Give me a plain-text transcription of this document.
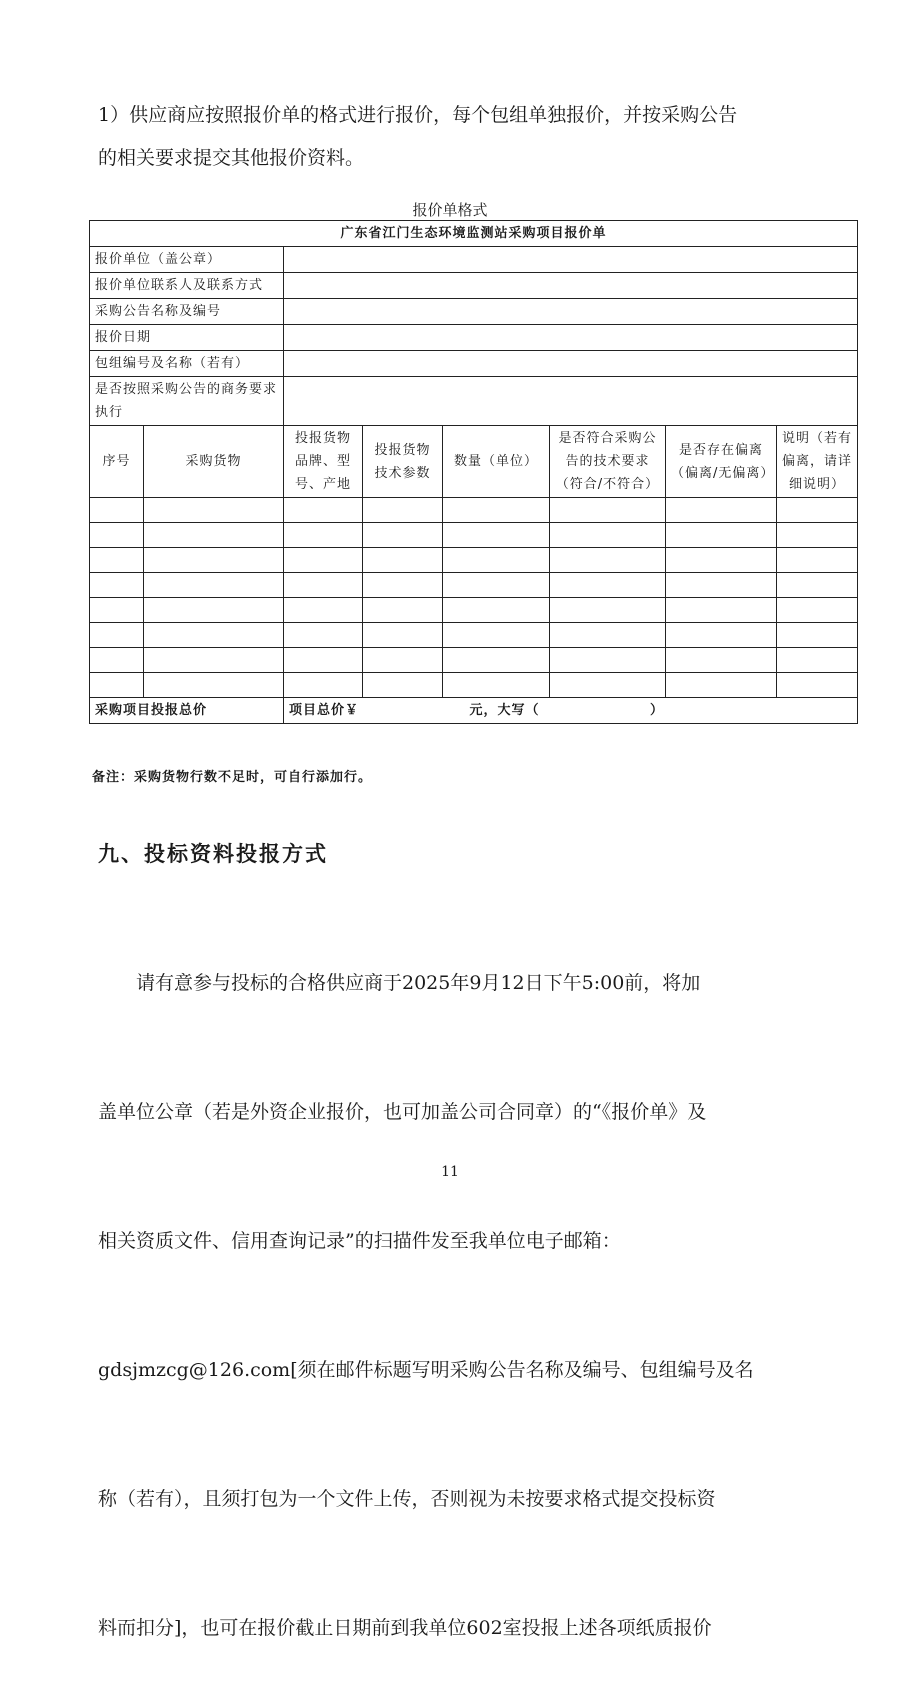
1）供应商应按照报价单的格式进行报价，每个包组单独报价，并按采购公告
的相关要求提交其他报价资料。
报价单格式
广东省江门生态环境监测站采购项目报价单							
报价单位（盖公章）							
报价单位联系人及联系方式							
采购公告名称及编号							
报价日期							
包组编号及名称（若有）							
是否按照采购公告的商务要求执行							
序号	采购货物	投报货物品牌、型号、产地	投报货物技术参数	数量（单位）	是否符合采购公告的技术要求（符合/不符合）	是否存在偏离（偏离/无偏离）	说明（若有偏离，请详细说明）

采购项目投报总价		项目总价￥                    元，大写（                    ）					
备注：采购货物行数不足时，可自行添加行。
九、投标资料投报方式

　　请有意参与投标的合格供应商于2025年9月12日下午5:00前，将加

盖单位公章（若是外资企业报价，也可加盖公司合同章）的“《报价单》及

相关资质文件、信用查询记录”的扫描件发至我单位电子邮箱：

gdsjmzcg@126.com[须在邮件标题写明采购公告名称及编号、包组编号及名

称（若有），且须打包为一个文件上传，否则视为未按要求格式提交投标资

料而扣分]，也可在报价截止日期前到我单位602室投报上述各项纸质报价

11
